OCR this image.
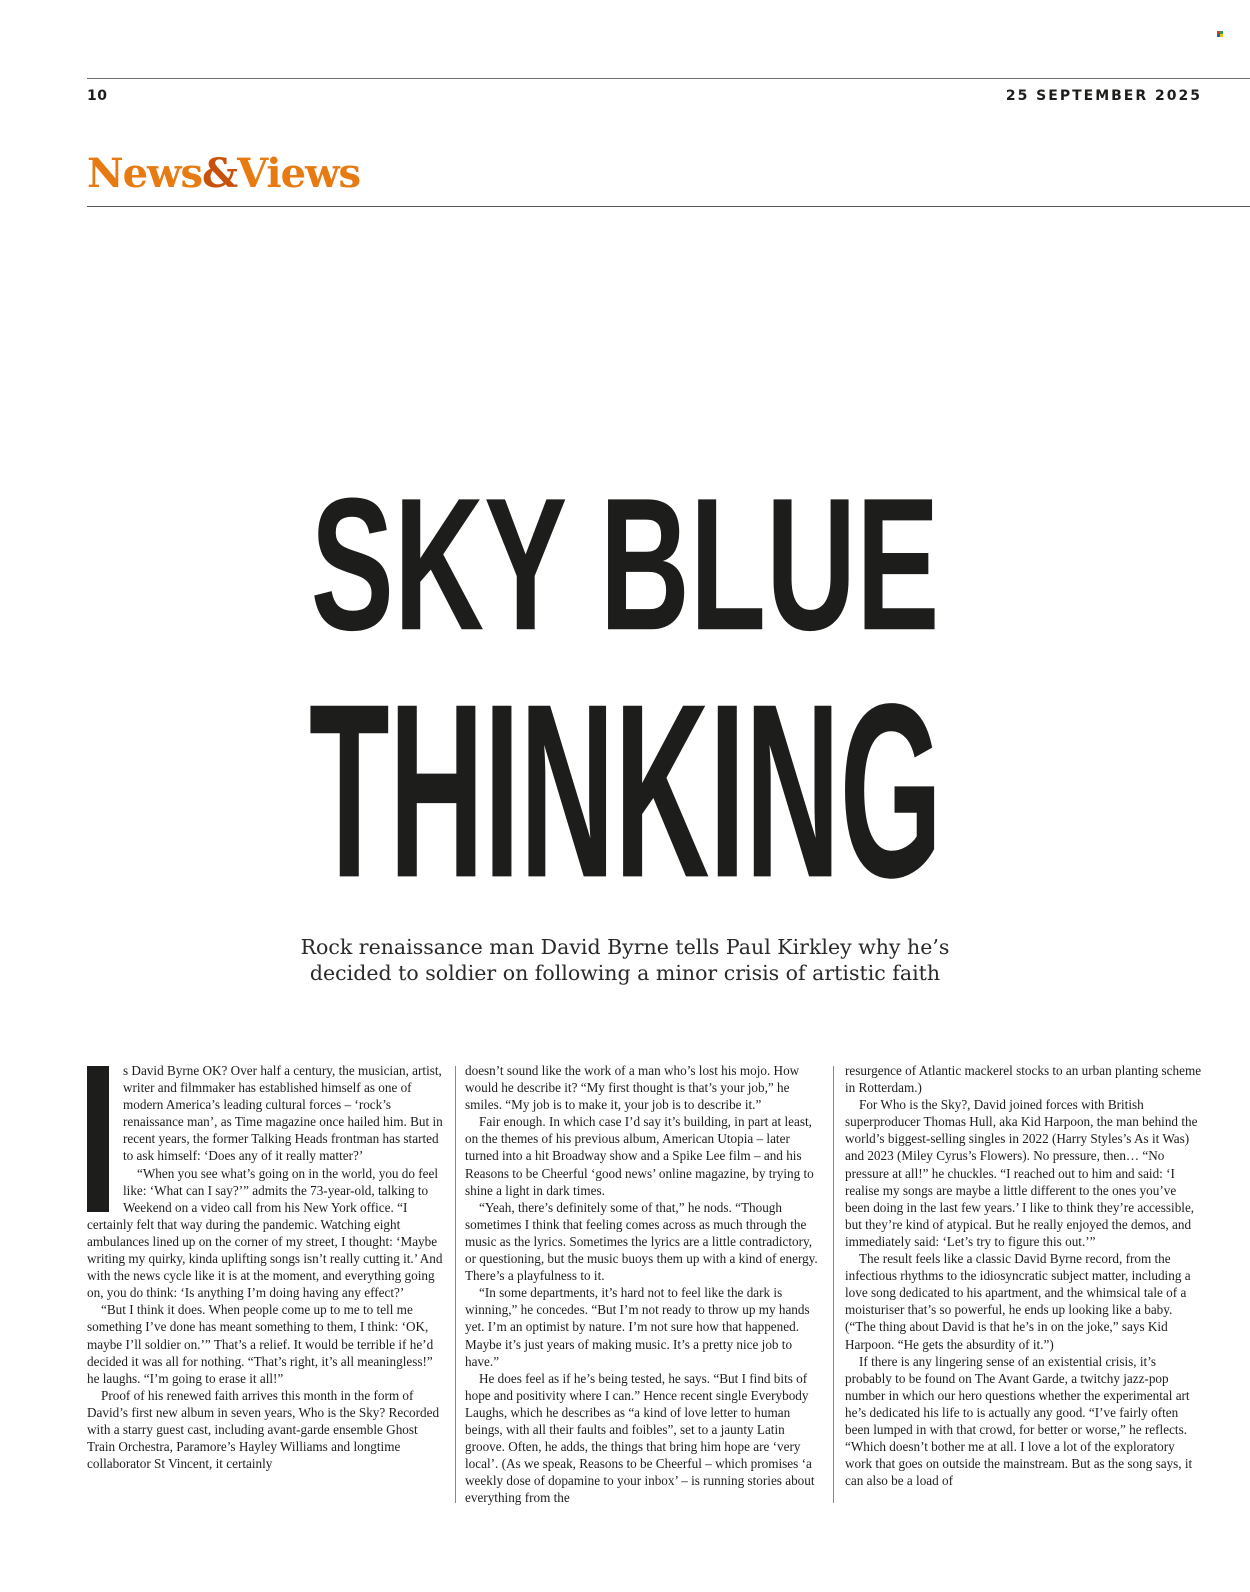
10	25 SEPTEMBER 2025
News&Views
SKY BLUE
THINKING
Rock renaissance man David Byrne tells Paul Kirkley why he’s
decided to soldier on following a minor crisis of artistic faith

s David Byrne OK? Over half a century, the musician, artist, writer and filmmaker has established himself as one of modern America’s leading cultural forces – ‘rock’s renaissance man’, as Time magazine once hailed him. But in recent years, the former Talking Heads frontman has started to ask himself: ‘Does any of it really matter?’

“When you see what’s going on in the world, you do feel like: ‘What can I say?’” admits the 73-year-old, talking to Weekend on a video call from his New York office. “I certainly felt that way during the pandemic. Watching eight ambulances lined up on the corner of my street, I thought: ‘Maybe writing my quirky, kinda uplifting songs isn’t really cutting it.’ And with the news cycle like it is at the moment, and everything going on, you do think: ‘Is anything I’m doing having any effect?’

“But I think it does. When people come up to me to tell me something I’ve done has meant something to them, I think: ‘OK, maybe I’ll soldier on.’” That’s a relief. It would be terrible if he’d decided it was all for nothing. “That’s right, it’s all meaningless!” he laughs. “I’m going to erase it all!”

Proof of his renewed faith arrives this month in the form of David’s first new album in seven years, Who is the Sky? Recorded with a starry guest cast, including avant-garde ensemble Ghost Train Orchestra, Paramore’s Hayley Williams and longtime collaborator St Vincent, it certainly

doesn’t sound like the work of a man who’s lost his mojo. How would he describe it? “My first thought is that’s your job,” he smiles. “My job is to make it, your job is to describe it.”

Fair enough. In which case I’d say it’s building, in part at least, on the themes of his previous album, American Utopia – later turned into a hit Broadway show and a Spike Lee film – and his Reasons to be Cheerful ‘good news’ online magazine, by trying to shine a light in dark times.

“Yeah, there’s definitely some of that,” he nods. “Though sometimes I think that feeling comes across as much through the music as the lyrics. Sometimes the lyrics are a little contradictory, or questioning, but the music buoys them up with a kind of energy. There’s a playfulness to it.

“In some departments, it’s hard not to feel like the dark is winning,” he concedes. “But I’m not ready to throw up my hands yet. I’m an optimist by nature. I’m not sure how that happened. Maybe it’s just years of making music. It’s a pretty nice job to have.”

He does feel as if he’s being tested, he says. “But I find bits of hope and positivity where I can.” Hence recent single Everybody Laughs, which he describes as “a kind of love letter to human beings, with all their faults and foibles”, set to a jaunty Latin groove. Often, he adds, the things that bring him hope are ‘very local’. (As we speak, Reasons to be Cheerful – which promises ‘a weekly dose of dopamine to your inbox’ – is running stories about everything from the

resurgence of Atlantic mackerel stocks to an urban planting scheme in Rotterdam.)

For Who is the Sky?, David joined forces with British superproducer Thomas Hull, aka Kid Harpoon, the man behind the world’s biggest-selling singles in 2022 (Harry Styles’s As it Was) and 2023 (Miley Cyrus’s Flowers). No pressure, then… “No pressure at all!” he chuckles. “I reached out to him and said: ‘I realise my songs are maybe a little different to the ones you’ve been doing in the last few years.’ I like to think they’re accessible, but they’re kind of atypical. But he really enjoyed the demos, and immediately said: ‘Let’s try to figure this out.’”

The result feels like a classic David Byrne record, from the infectious rhythms to the idiosyncratic subject matter, including a love song dedicated to his apartment, and the whimsical tale of a moisturiser that’s so powerful, he ends up looking like a baby. (“The thing about David is that he’s in on the joke,” says Kid Harpoon. “He gets the absurdity of it.”)

If there is any lingering sense of an existential crisis, it’s probably to be found on The Avant Garde, a twitchy jazz-pop number in which our hero questions whether the experimental art he’s dedicated his life to is actually any good. “I’ve fairly often been lumped in with that crowd, for better or worse,” he reflects. “Which doesn’t bother me at all. I love a lot of the exploratory work that goes on outside the mainstream. But as the song says, it can also be a load of
